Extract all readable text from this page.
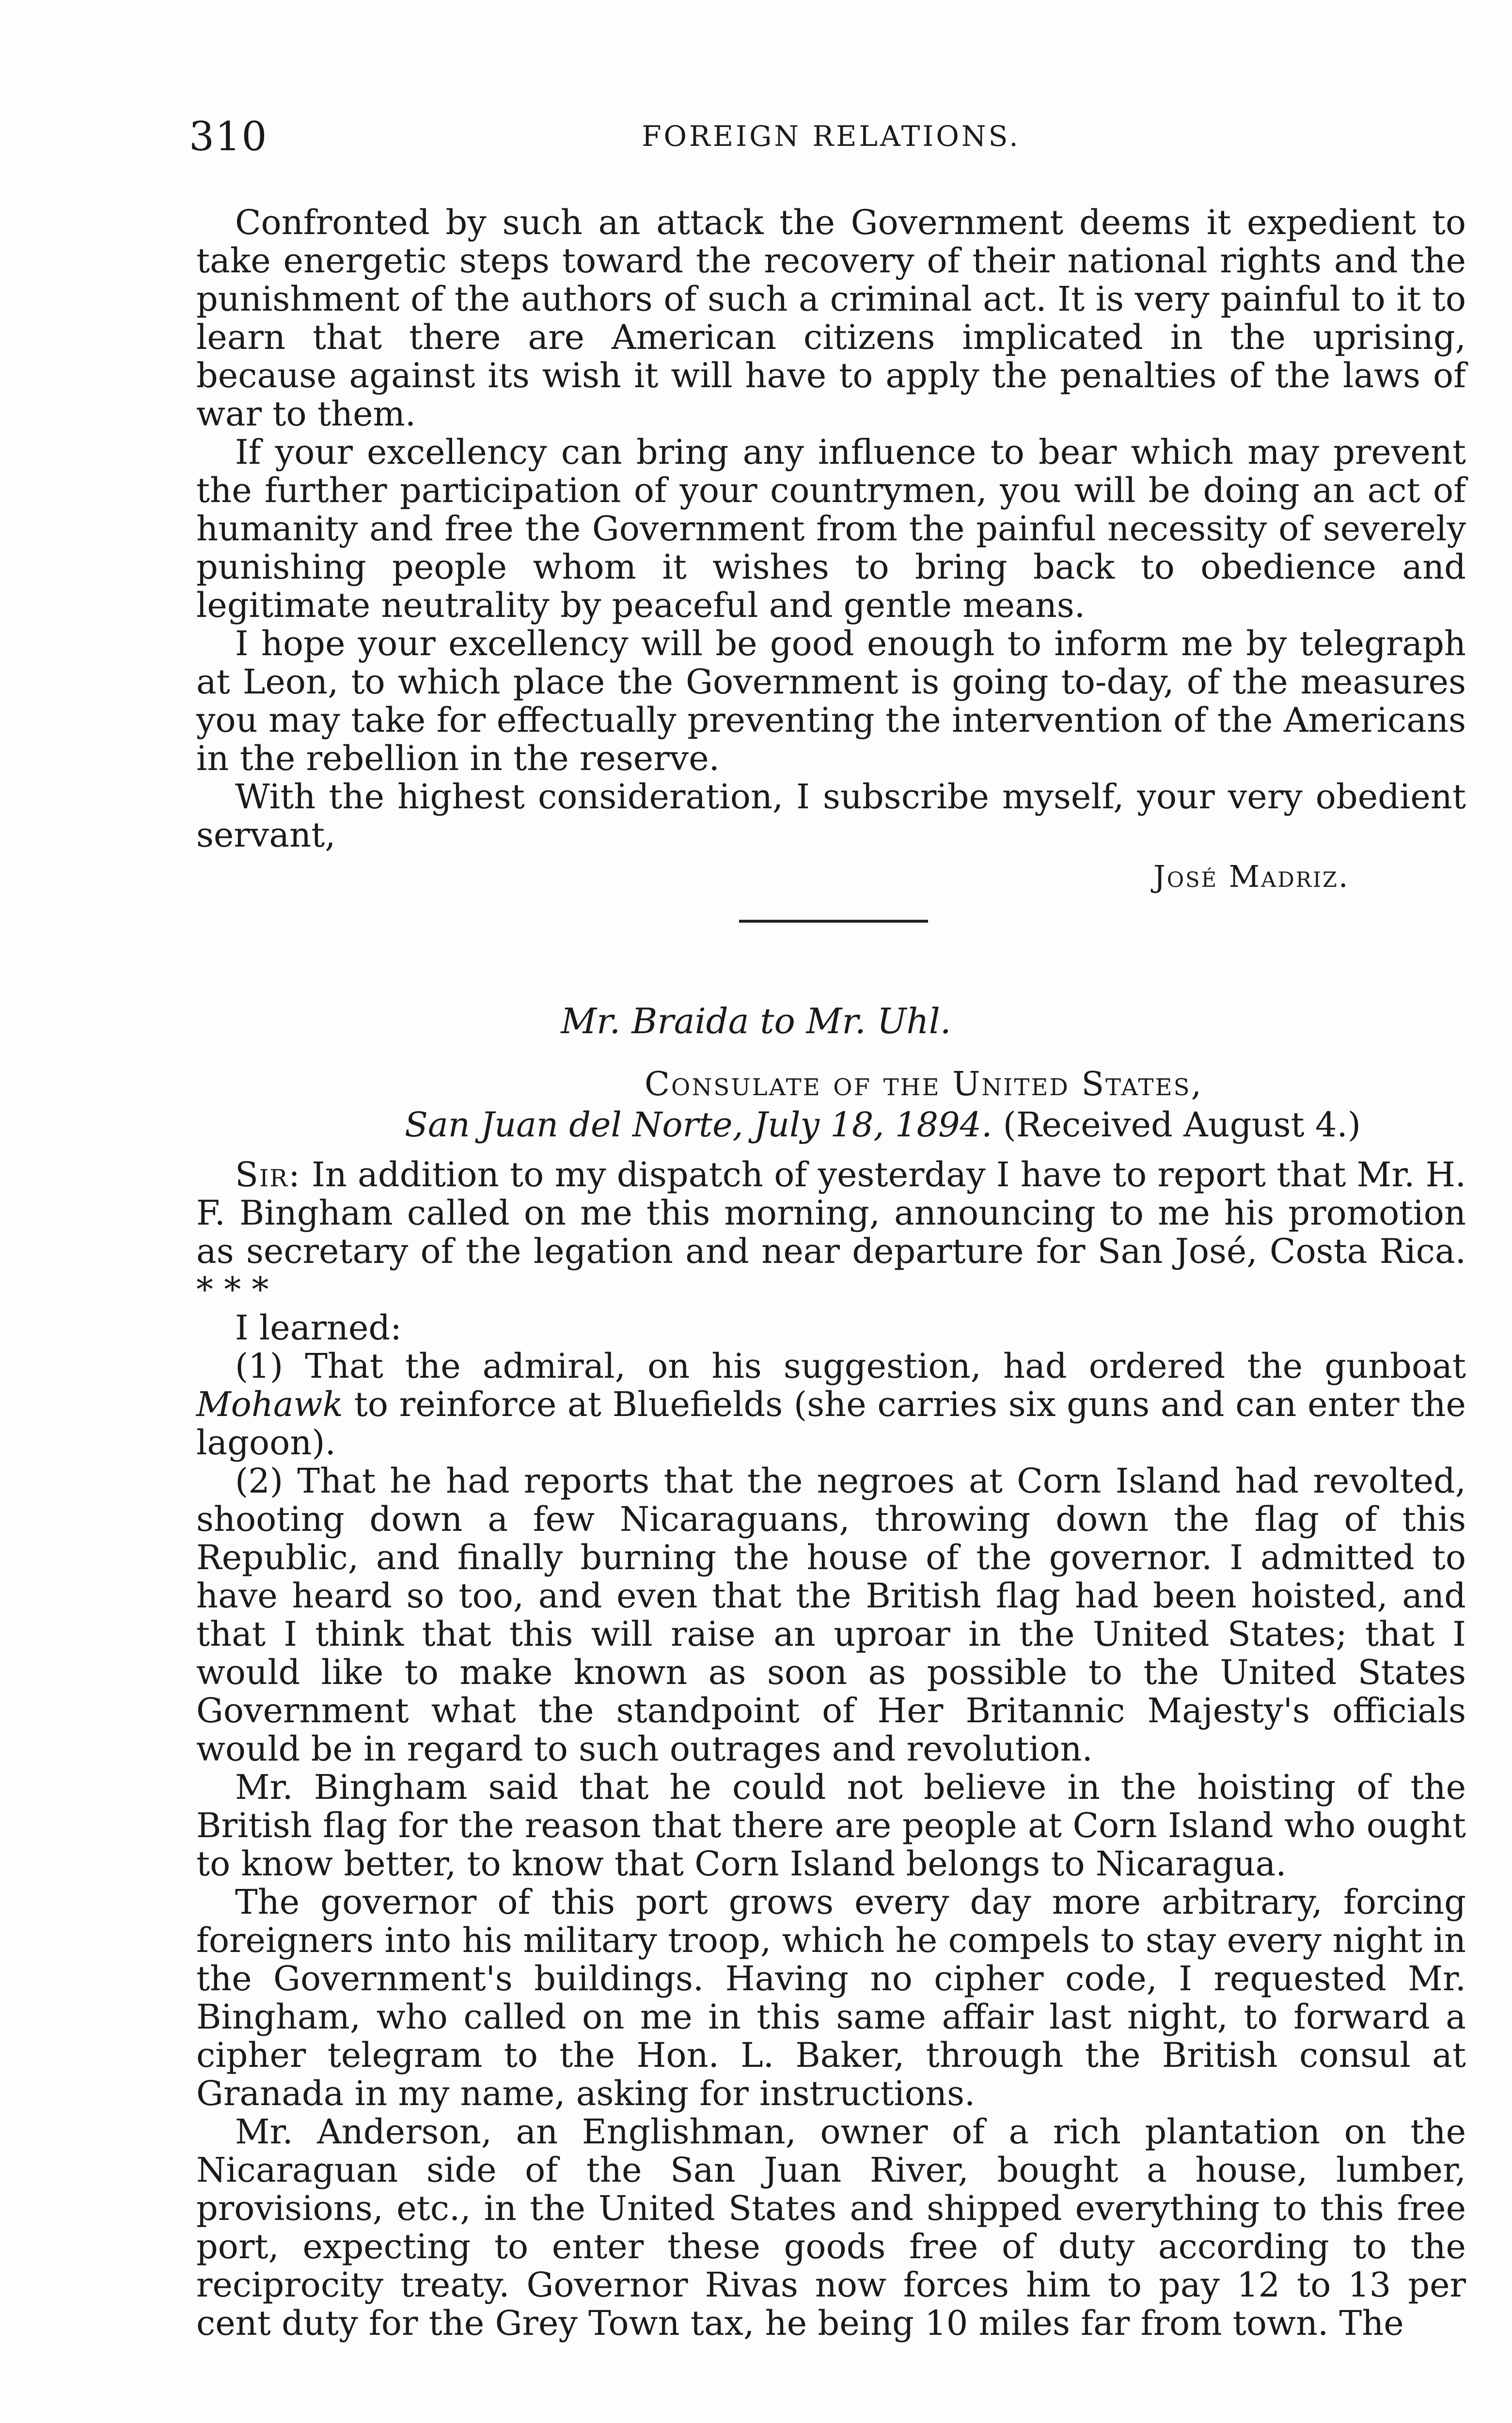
310	FOREIGN RELATIONS.

Confronted by such an attack the Government deems it expedient to take energetic steps toward the recovery of their national rights and the punishment of the authors of such a criminal act. It is very painful to it to learn that there are American citizens implicated in the uprising, because against its wish it will have to apply the penalties of the laws of war to them.

If your excellency can bring any influence to bear which may prevent the further participation of your countrymen, you will be doing an act of humanity and free the Government from the painful necessity of severely punishing people whom it wishes to bring back to obedience and legitimate neutrality by peaceful and gentle means.

I hope your excellency will be good enough to inform me by telegraph at Leon, to which place the Government is going to-day, of the measures you may take for effectually preventing the intervention of the Americans in the rebellion in the reserve.

With the highest consideration, I subscribe myself, your very obedient servant,

José Madriz.
Mr. Braida to Mr. Uhl.
Consulate of the United States,
San Juan del Norte, July 18, 1894. (Received August 4.)

Sir: In addition to my dispatch of yesterday I have to report that Mr. H. F. Bingham called on me this morning, announcing to me his promotion as secretary of the legation and near departure for San José, Costa Rica. * * *

I learned:

(1) That the admiral, on his suggestion, had ordered the gunboat Mohawk to reinforce at Bluefields (she carries six guns and can enter the lagoon).

(2) That he had reports that the negroes at Corn Island had revolted, shooting down a few Nicaraguans, throwing down the flag of this Republic, and finally burning the house of the governor. I admitted to have heard so too, and even that the British flag had been hoisted, and that I think that this will raise an uproar in the United States; that I would like to make known as soon as possible to the United States Government what the standpoint of Her Britannic Majesty's officials would be in regard to such outrages and revolution.

Mr. Bingham said that he could not believe in the hoisting of the British flag for the reason that there are people at Corn Island who ought to know better, to know that Corn Island belongs to Nicaragua.

The governor of this port grows every day more arbitrary, forcing foreigners into his military troop, which he compels to stay every night in the Government's buildings. Having no cipher code, I requested Mr. Bingham, who called on me in this same affair last night, to forward a cipher telegram to the Hon. L. Baker, through the British consul at Granada in my name, asking for instructions.

Mr. Anderson, an Englishman, owner of a rich plantation on the Nicaraguan side of the San Juan River, bought a house, lumber, provisions, etc., in the United States and shipped everything to this free port, expecting to enter these goods free of duty according to the reciprocity treaty. Governor Rivas now forces him to pay 12 to 13 per cent duty for the Grey Town tax, he being 10 miles far from town. The
